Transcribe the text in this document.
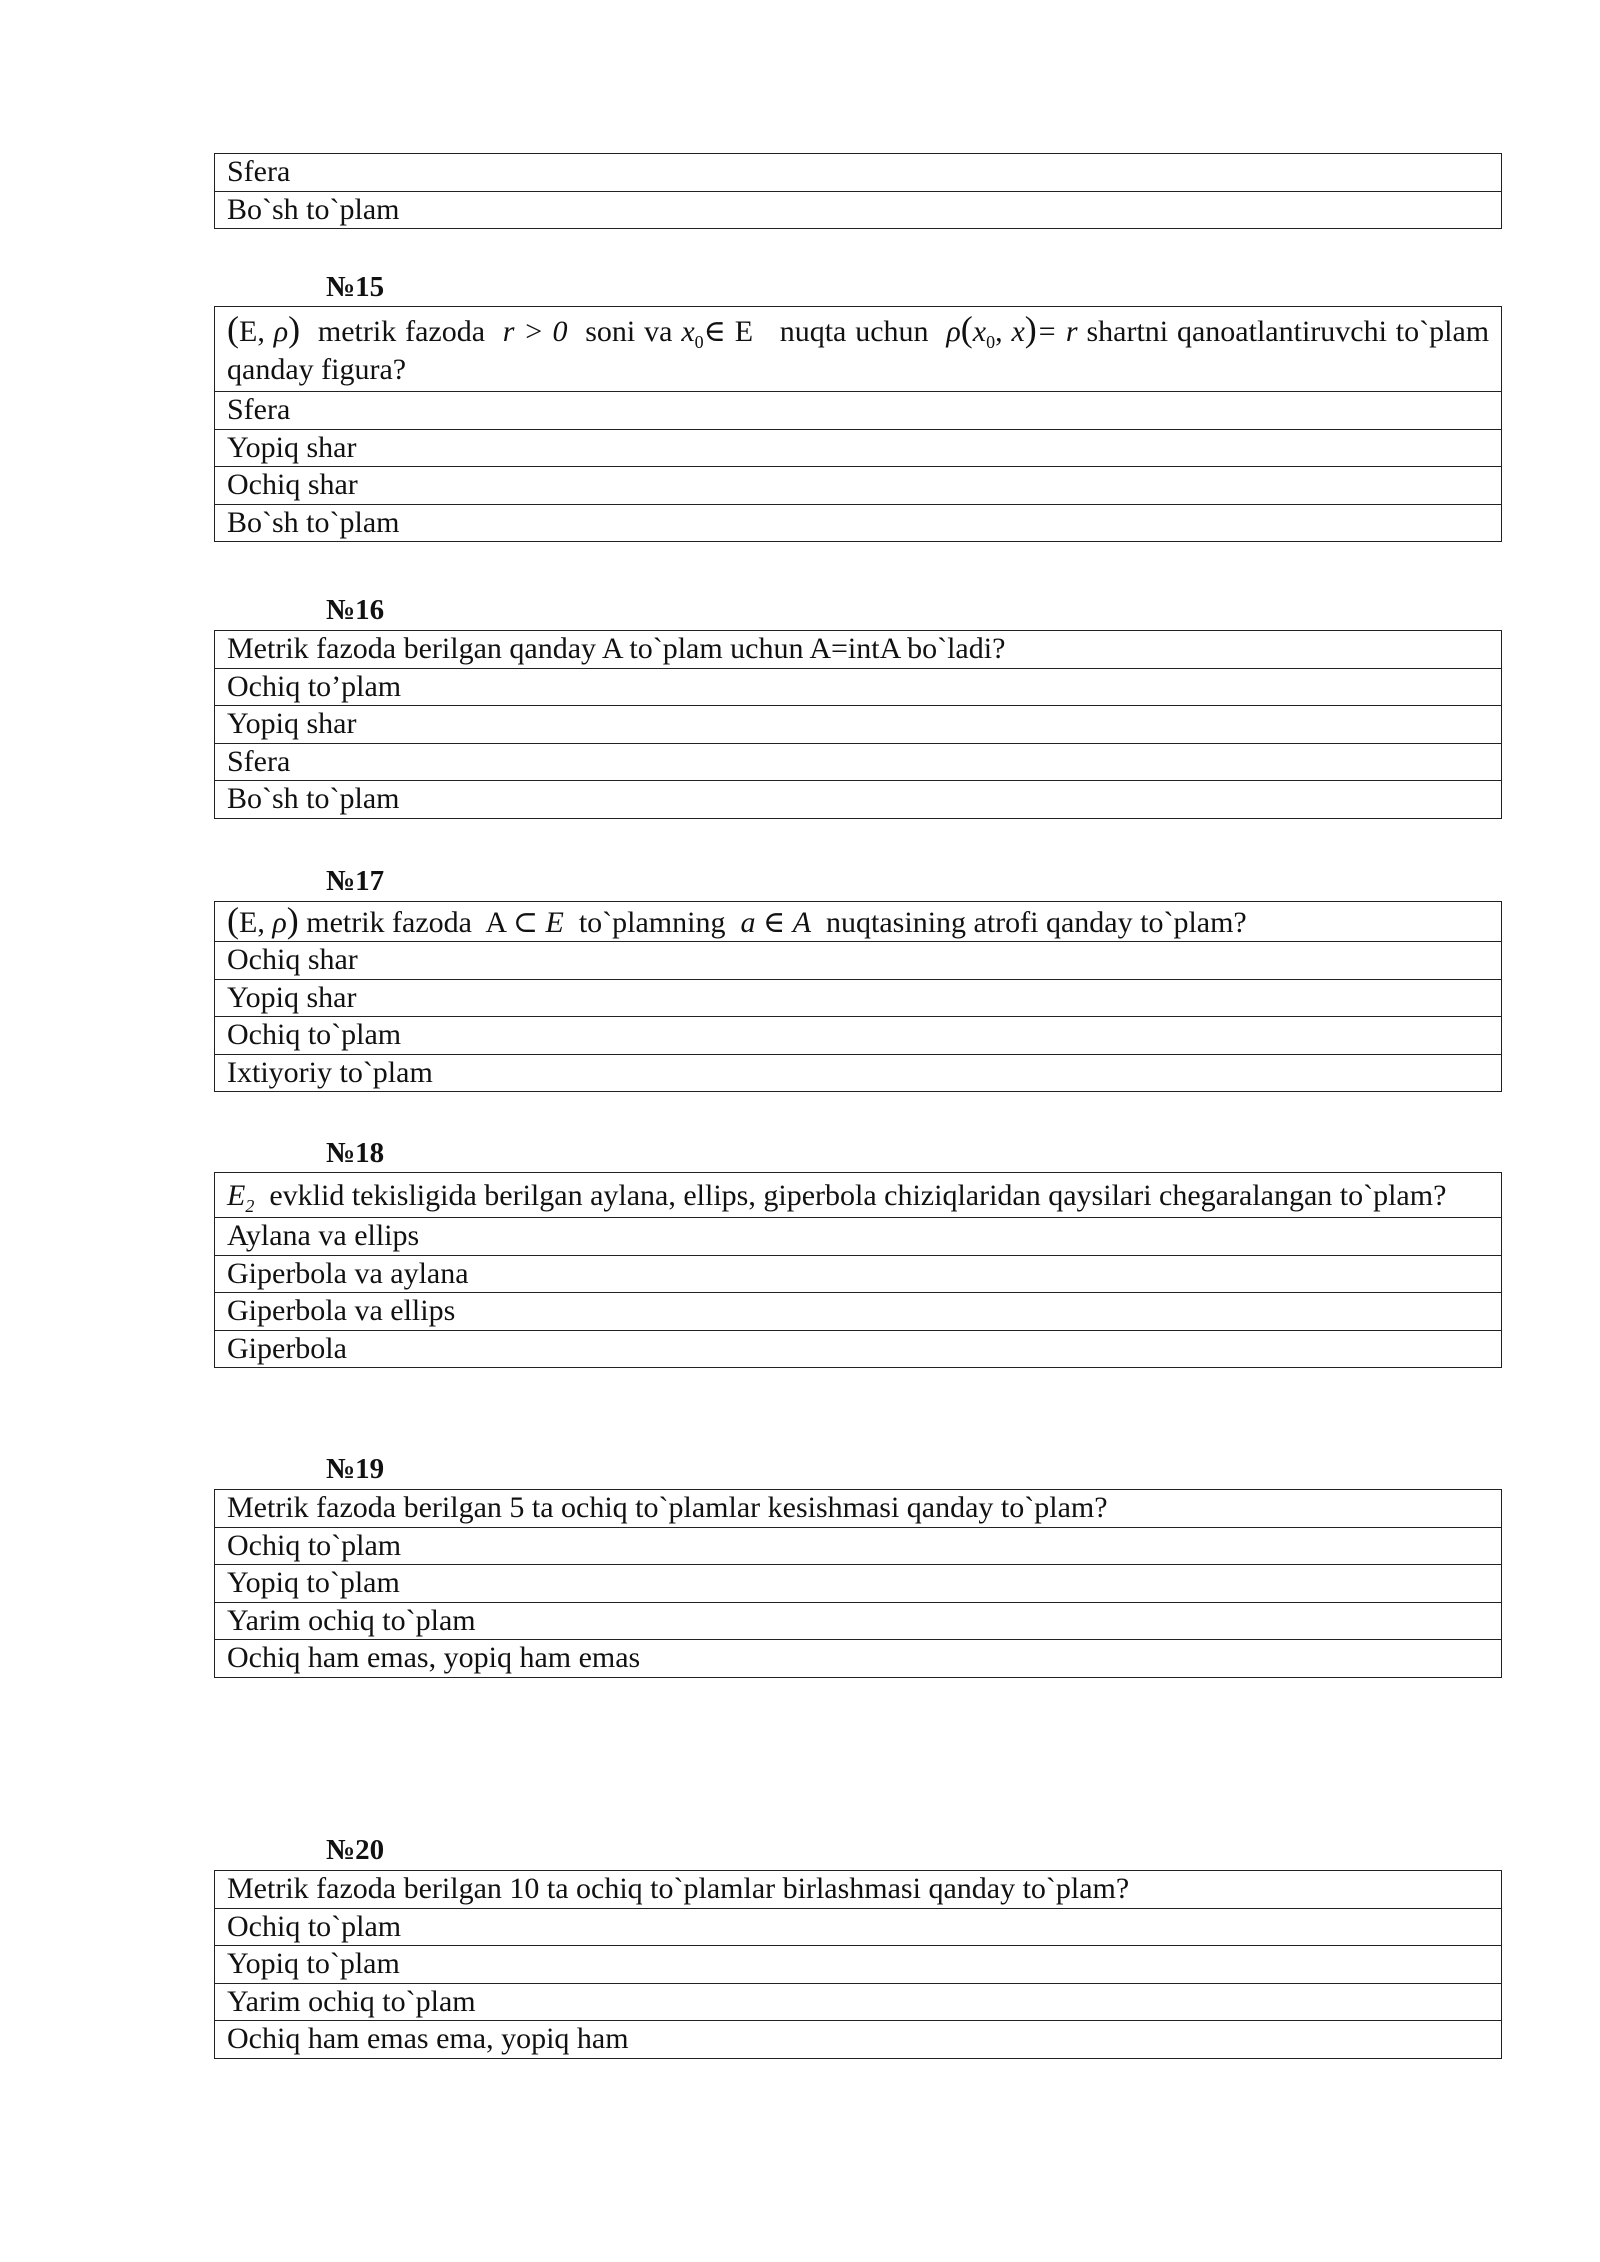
Sfera
Bo`sh to`plam
№15
(E, ρ) metrik fazoda r > 0 soni va $x_0\in$ E nuqta uchun $\rho(x_0$, x)= r shartni qanoatlantiruvchi to`plam qanday figura?
Sfera
Yopiq shar
Ochiq shar
Bo`sh to`plam
№16
Metrik fazoda berilgan qanday A to`plam uchun A=intA bo`ladi?
Ochiq to’plam
Yopiq shar
Sfera
Bo`sh to`plam
№17
(E, ρ) metrik fazoda A ⊂ E to`plamning a ∈ A nuqtasining atrofi qanday to`plam?
Ochiq shar
Yopiq shar
Ochiq to`plam
Ixtiyoriy to`plam
№18
$E_2$ evklid tekisligida berilgan aylana, ellips, giperbola chiziqlaridan qaysilari chegaralangan to`plam?
Aylana va ellips
Giperbola va aylana
Giperbola va ellips
Giperbola
№19
Metrik fazoda berilgan 5 ta ochiq to`plamlar kesishmasi qanday to`plam?
Ochiq to`plam
Yopiq to`plam
Yarim ochiq to`plam
Ochiq ham emas, yopiq ham emas
№20
Metrik fazoda berilgan 10 ta ochiq to`plamlar birlashmasi qanday to`plam?
Ochiq to`plam
Yopiq to`plam
Yarim ochiq to`plam
Ochiq ham emas ema, yopiq ham
